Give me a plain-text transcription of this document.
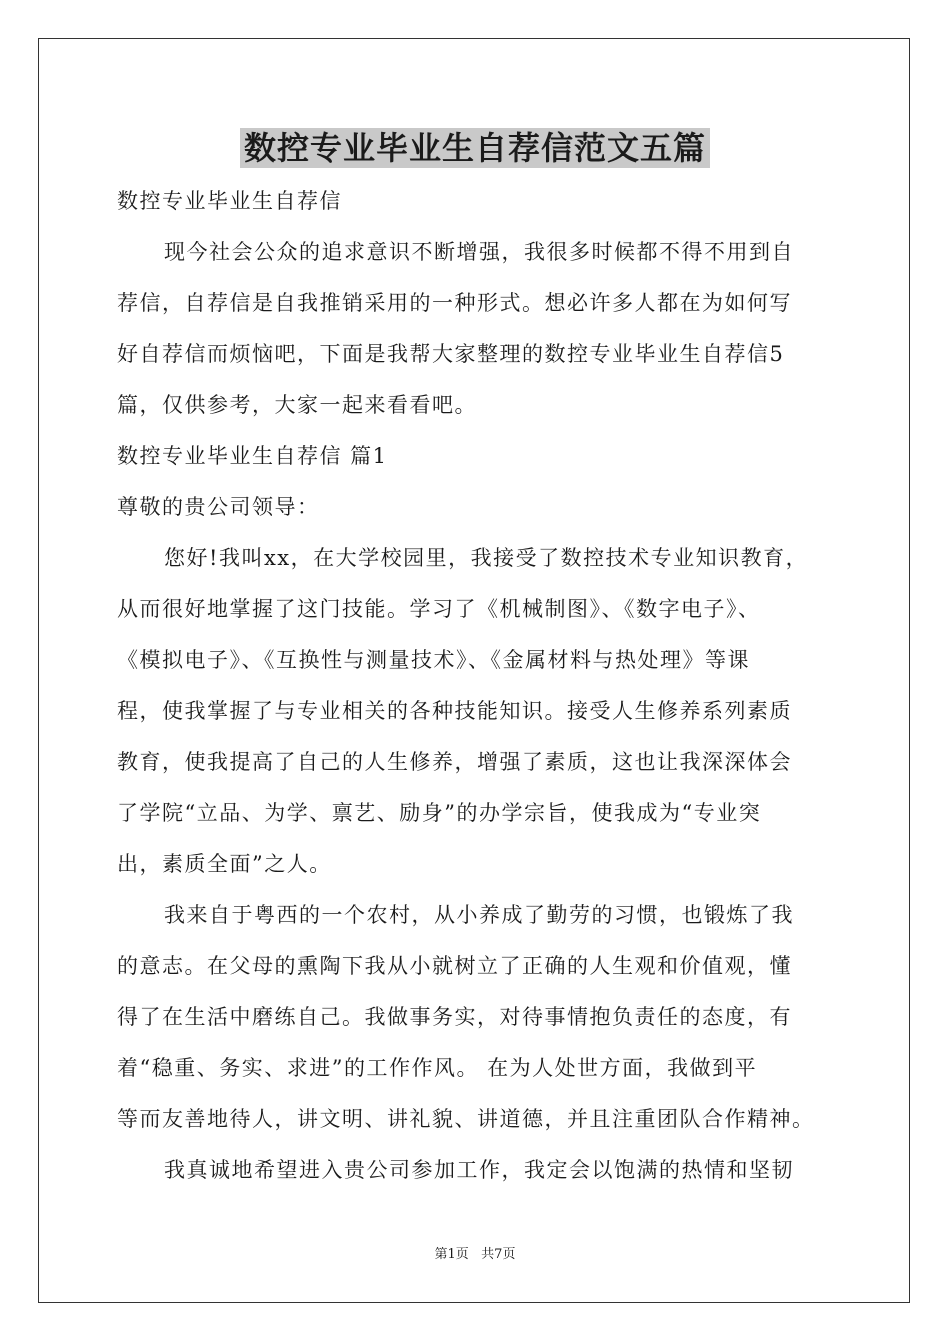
数控专业毕业生自荐信范文五篇
数控专业毕业生自荐信
现今社会公众的追求意识不断增强，我很多时候都不得不用到自
荐信，自荐信是自我推销采用的一种形式。想必许多人都在为如何写
好自荐信而烦恼吧，下面是我帮大家整理的数控专业毕业生自荐信5
篇，仅供参考，大家一起来看看吧。
数控专业毕业生自荐信 篇1
尊敬的贵公司领导：
您好!我叫xx，在大学校园里，我接受了数控技术专业知识教育，
从而很好地掌握了这门技能。学习了《机械制图》、《数字电子》、
《模拟电子》、《互换性与测量技术》、《金属材料与热处理》等课
程，使我掌握了与专业相关的各种技能知识。接受人生修养系列素质
教育，使我提高了自己的人生修养，增强了素质，这也让我深深体会
了学院“立品、为学、禀艺、励身”的办学宗旨，使我成为“专业突
出，素质全面”之人。
我来自于粤西的一个农村，从小养成了勤劳的习惯，也锻炼了我
的意志。在父母的熏陶下我从小就树立了正确的人生观和价值观，懂
得了在生活中磨练自己。我做事务实，对待事情抱负责任的态度，有
着“稳重、务实、求进”的工作作风。 在为人处世方面，我做到平
等而友善地待人，讲文明、讲礼貌、讲道德，并且注重团队合作精神。
我真诚地希望进入贵公司参加工作，我定会以饱满的热情和坚韧
第1页   共7页
